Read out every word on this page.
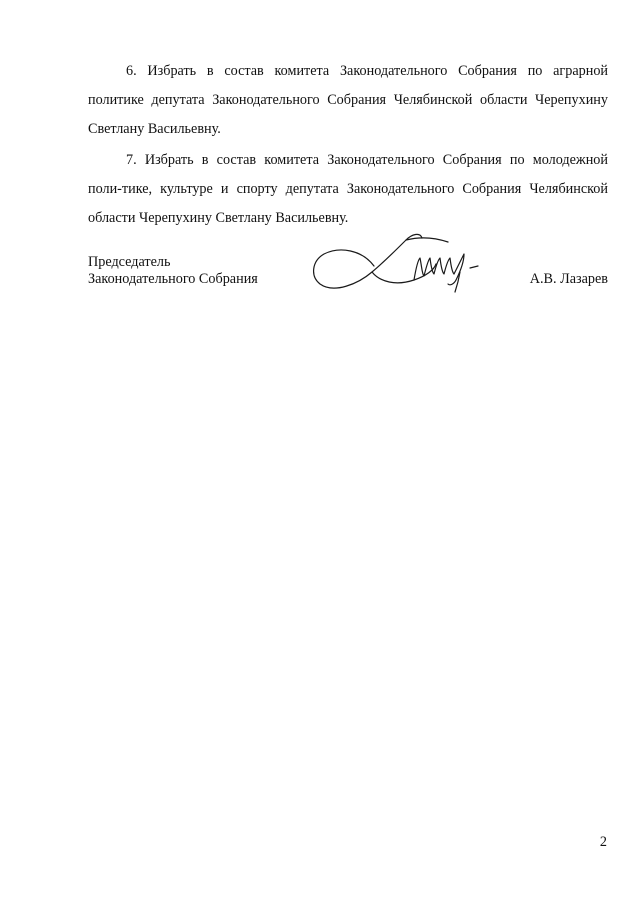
6. Избрать в состав комитета Законодательного Собрания по аграрной политике депутата Законодательного Собрания Челябинской области Черепухину Светлану Васильевну.

7. Избрать в состав комитета Законодательного Собрания по молодежной поли-тике, культуре и спорту депутата Законодательного Собрания Челябинской области Черепухину Светлану Васильевну.

Председатель
Законодательного Собрания	А.В. Лазарев
2
